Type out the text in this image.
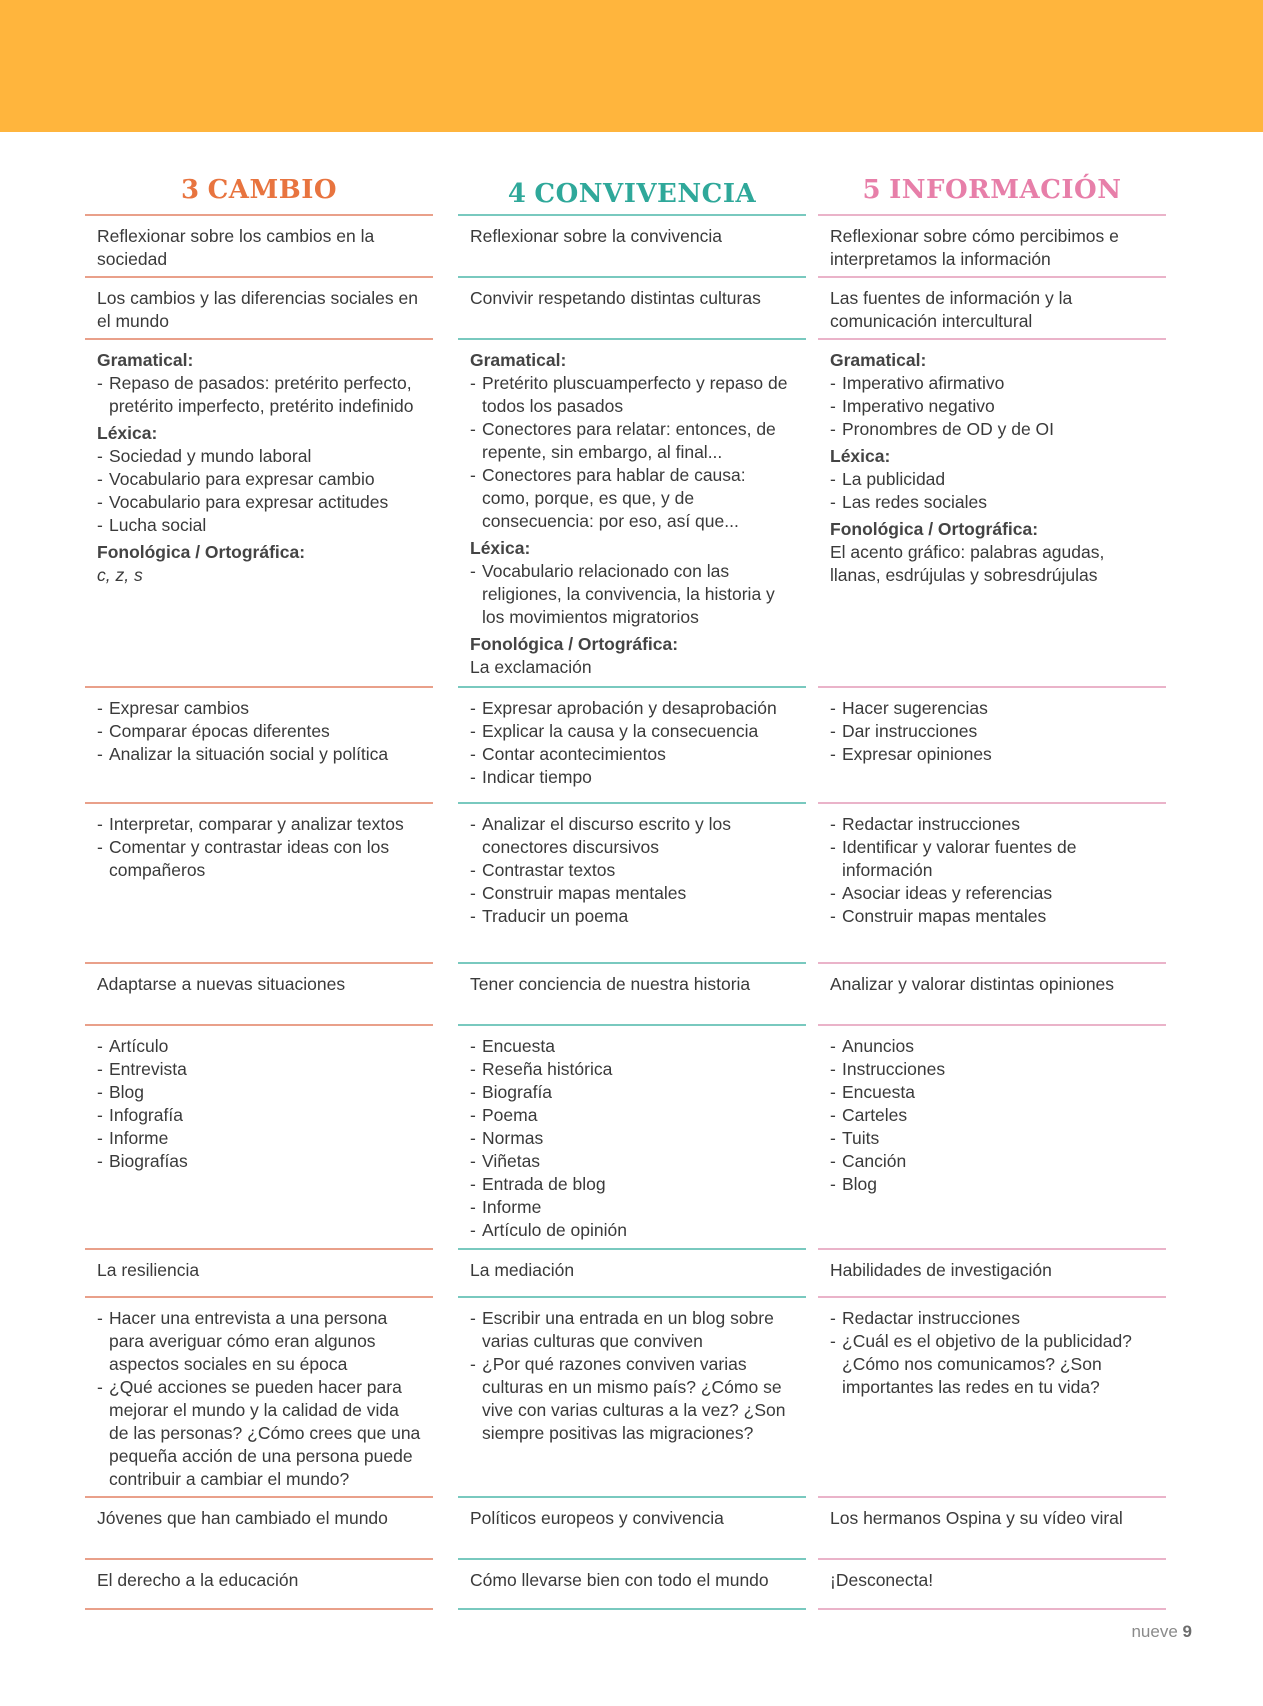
nueve 9
3 CAMBIO
Reflexionar sobre los cambios en la sociedad
Los cambios y las diferencias sociales en el mundo
Gramatical:
- Repaso de pasados: pretérito perfecto, pretérito imperfecto, pretérito indefinido
Léxica:
- Sociedad y mundo laboral
- Vocabulario para expresar cambio
- Vocabulario para expresar actitudes
- Lucha social
Fonológica / Ortográfica:
c, z, s
- Expresar cambios
- Comparar épocas diferentes
- Analizar la situación social y política
- Interpretar, comparar y analizar textos
- Comentar y contrastar ideas con los compañeros
Adaptarse a nuevas situaciones
- Artículo
- Entrevista
- Blog
- Infografía
- Informe
- Biografías
La resiliencia
- Hacer una entrevista a una persona para averiguar cómo eran algunos aspectos sociales en su época
- ¿Qué acciones se pueden hacer para mejorar el mundo y la calidad de vida de las personas? ¿Cómo crees que una pequeña acción de una persona puede contribuir a cambiar el mundo?
Jóvenes que han cambiado el mundo
El derecho a la educación
4 CONVIVENCIA
Reflexionar sobre la convivencia
Convivir respetando distintas culturas
Gramatical:
- Pretérito pluscuamperfecto y repaso de todos los pasados
- Conectores para relatar: entonces, de repente, sin embargo, al final...
- Conectores para hablar de causa: como, porque, es que, y de consecuencia: por eso, así que...
Léxica:
- Vocabulario relacionado con las religiones, la convivencia, la historia y los movimientos migratorios
Fonológica / Ortográfica:
La exclamación
- Expresar aprobación y desaprobación
- Explicar la causa y la consecuencia
- Contar acontecimientos
- Indicar tiempo
- Analizar el discurso escrito y los conectores discursivos
- Contrastar textos
- Construir mapas mentales
- Traducir un poema
Tener conciencia de nuestra historia
- Encuesta
- Reseña histórica
- Biografía
- Poema
- Normas
- Viñetas
- Entrada de blog
- Informe
- Artículo de opinión
La mediación
- Escribir una entrada en un blog sobre varias culturas que conviven
- ¿Por qué razones conviven varias culturas en un mismo país? ¿Cómo se vive con varias culturas a la vez? ¿Son siempre positivas las migraciones?
Políticos europeos y convivencia
Cómo llevarse bien con todo el mundo
5 INFORMACIÓN
Reflexionar sobre cómo percibimos e interpretamos la información
Las fuentes de información y la comunicación intercultural
Gramatical:
- Imperativo afirmativo
- Imperativo negativo
- Pronombres de OD y de OI
Léxica:
- La publicidad
- Las redes sociales
Fonológica / Ortográfica:
El acento gráfico: palabras agudas, llanas, esdrújulas y sobresdrújulas
- Hacer sugerencias
- Dar instrucciones
- Expresar opiniones
- Redactar instrucciones
- Identificar y valorar fuentes de información
- Asociar ideas y referencias
- Construir mapas mentales
Analizar y valorar distintas opiniones
- Anuncios
- Instrucciones
- Encuesta
- Carteles
- Tuits
- Canción
- Blog
Habilidades de investigación
- Redactar instrucciones
- ¿Cuál es el objetivo de la publicidad? ¿Cómo nos comunicamos? ¿Son importantes las redes en tu vida?
Los hermanos Ospina y su vídeo viral
¡Desconecta!
